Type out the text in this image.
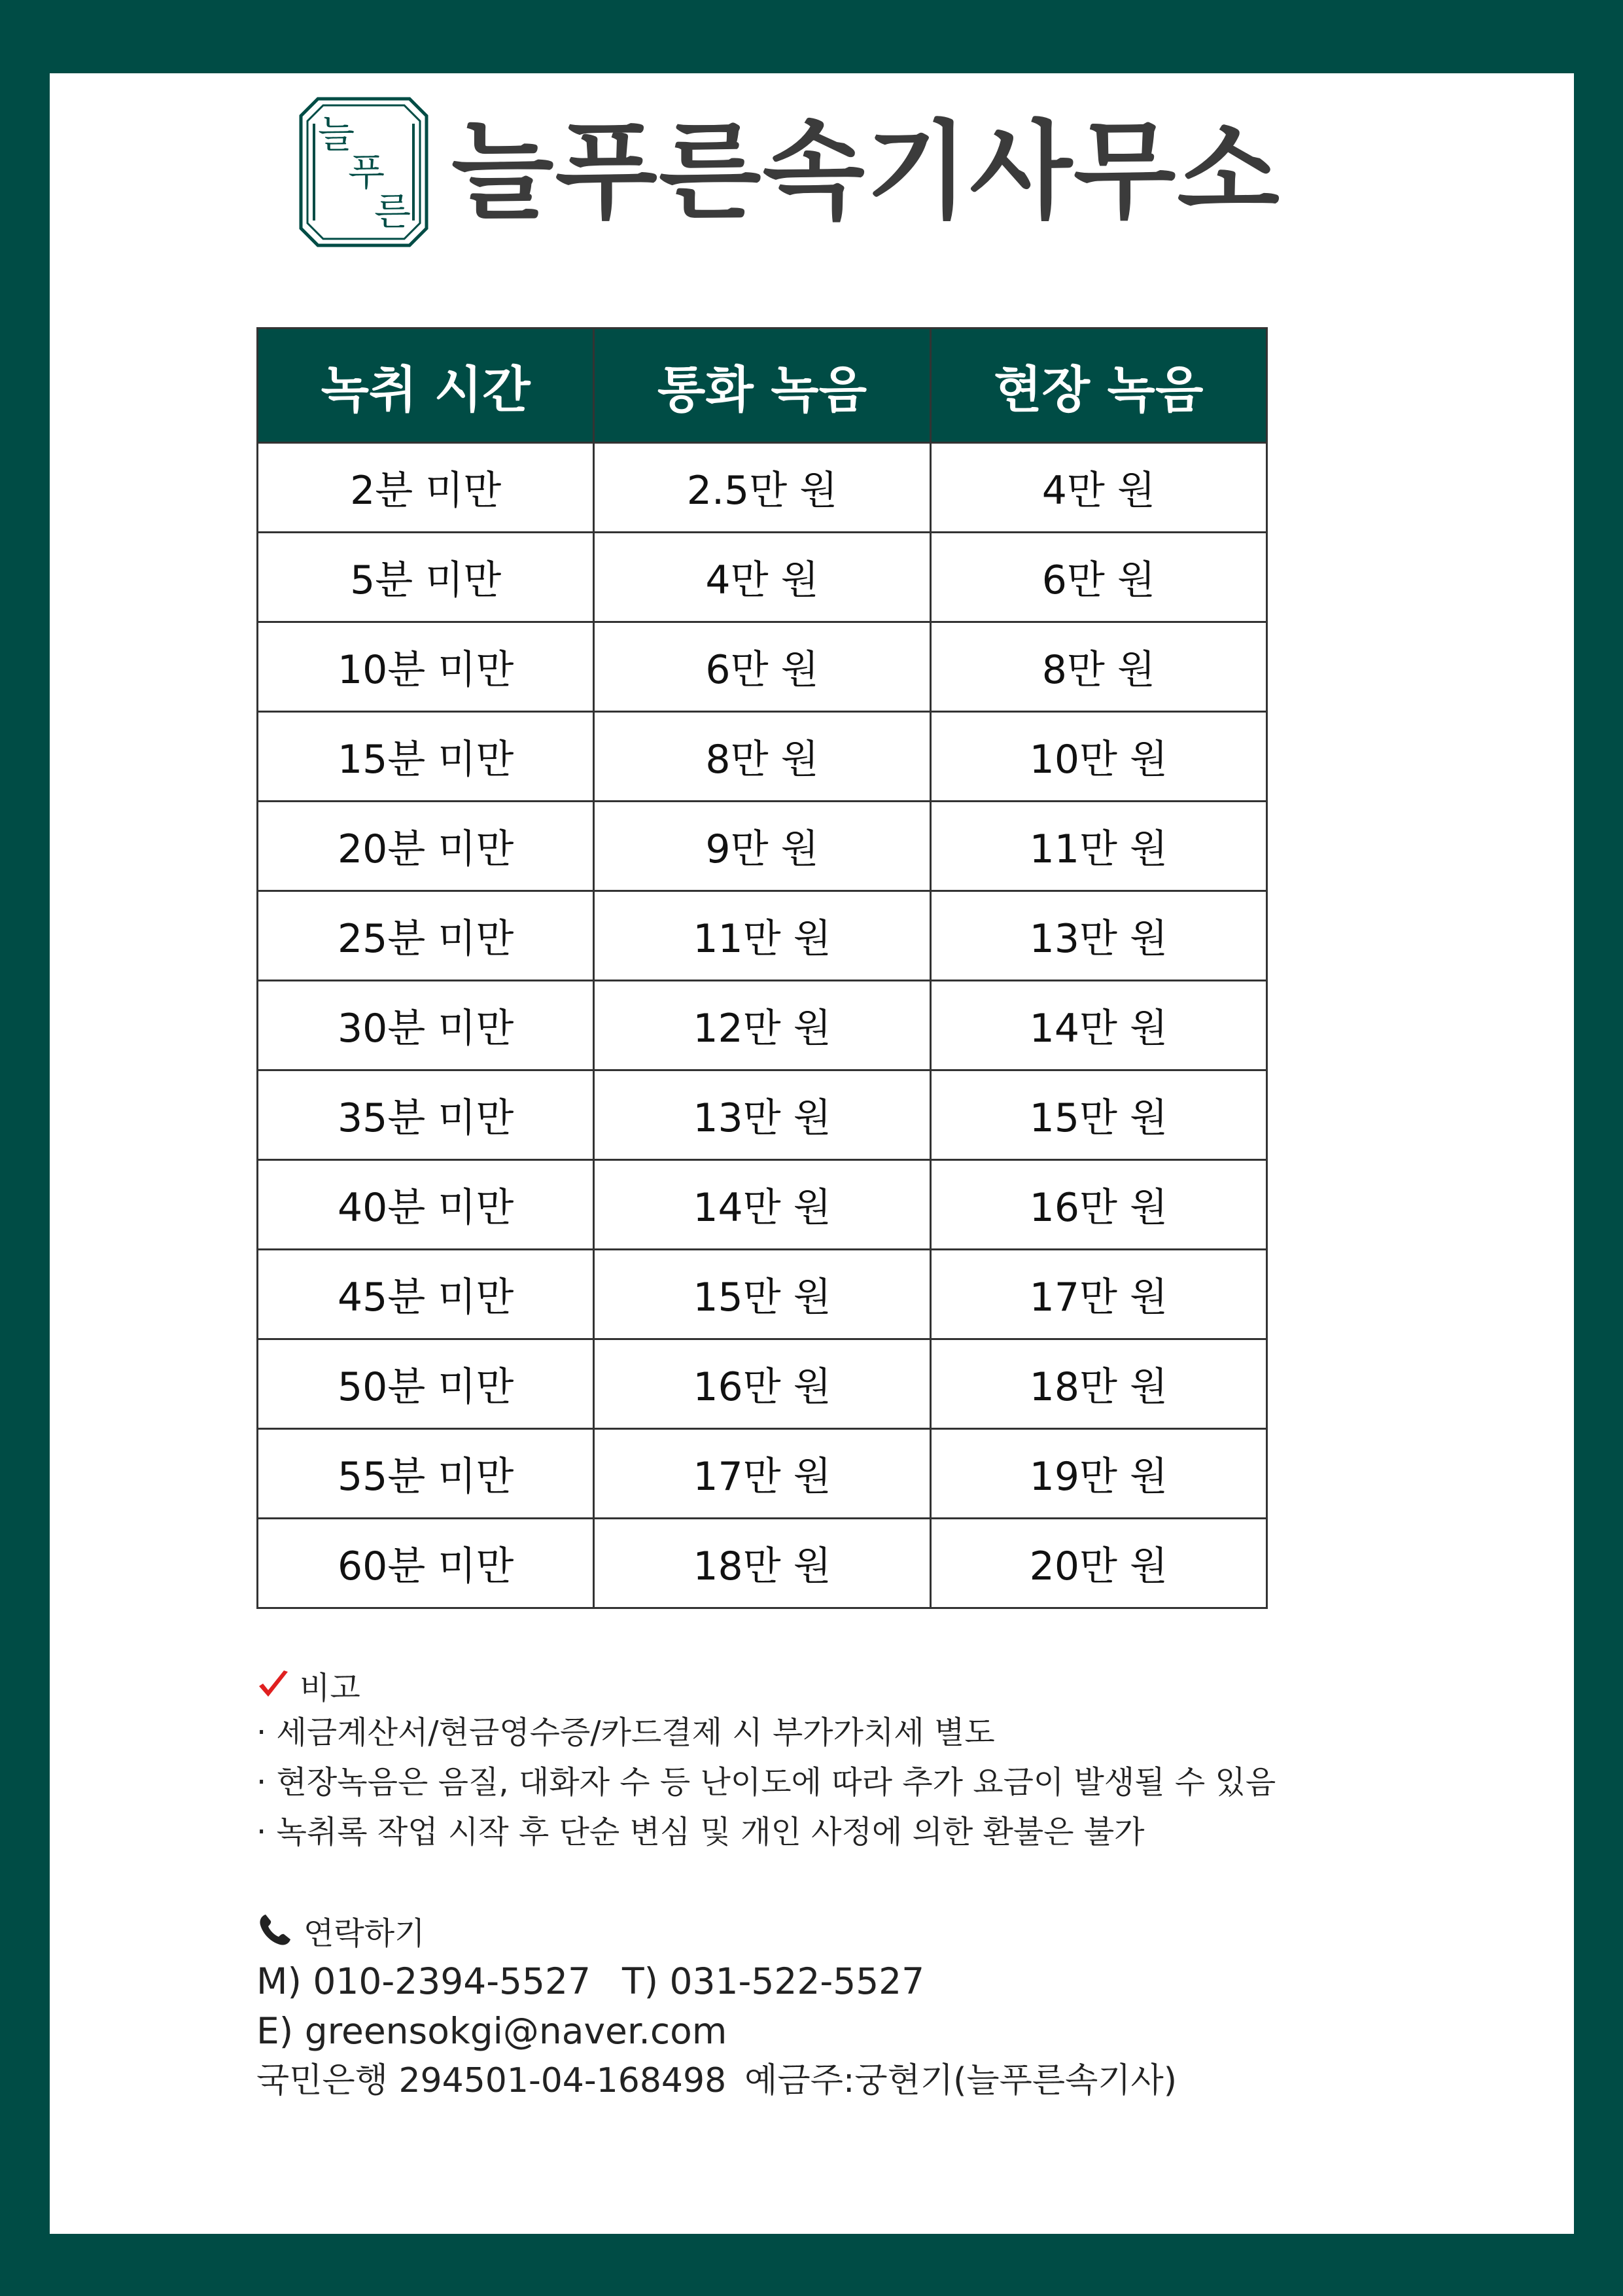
늘
푸
른 늘푸른속기사무소
녹취 시간	통화 녹음	현장 녹음
2분 미만	2.5만 원	4만 원
5분 미만	4만 원	6만 원
10분 미만	6만 원	8만 원
15분 미만	8만 원	10만 원
20분 미만	9만 원	11만 원
25분 미만	11만 원	13만 원
30분 미만	12만 원	14만 원
35분 미만	13만 원	15만 원
40분 미만	14만 원	16만 원
45분 미만	15만 원	17만 원
50분 미만	16만 원	18만 원
55분 미만	17만 원	19만 원
60분 미만	18만 원	20만 원
비고
· 세금계산서/현금영수증/카드결제 시 부가가치세 별도
· 현장녹음은 음질, 대화자 수 등 난이도에 따라 추가 요금이 발생될 수 있음
· 녹취록 작업 시작 후 단순 변심 및 개인 사정에 의한 환불은 불가
연락하기
M) 010-2394-5527 T) 031-522-5527
E) greensokgi@naver.com
국민은행 294501-04-168498 예금주:궁현기(늘푸른속기사)
